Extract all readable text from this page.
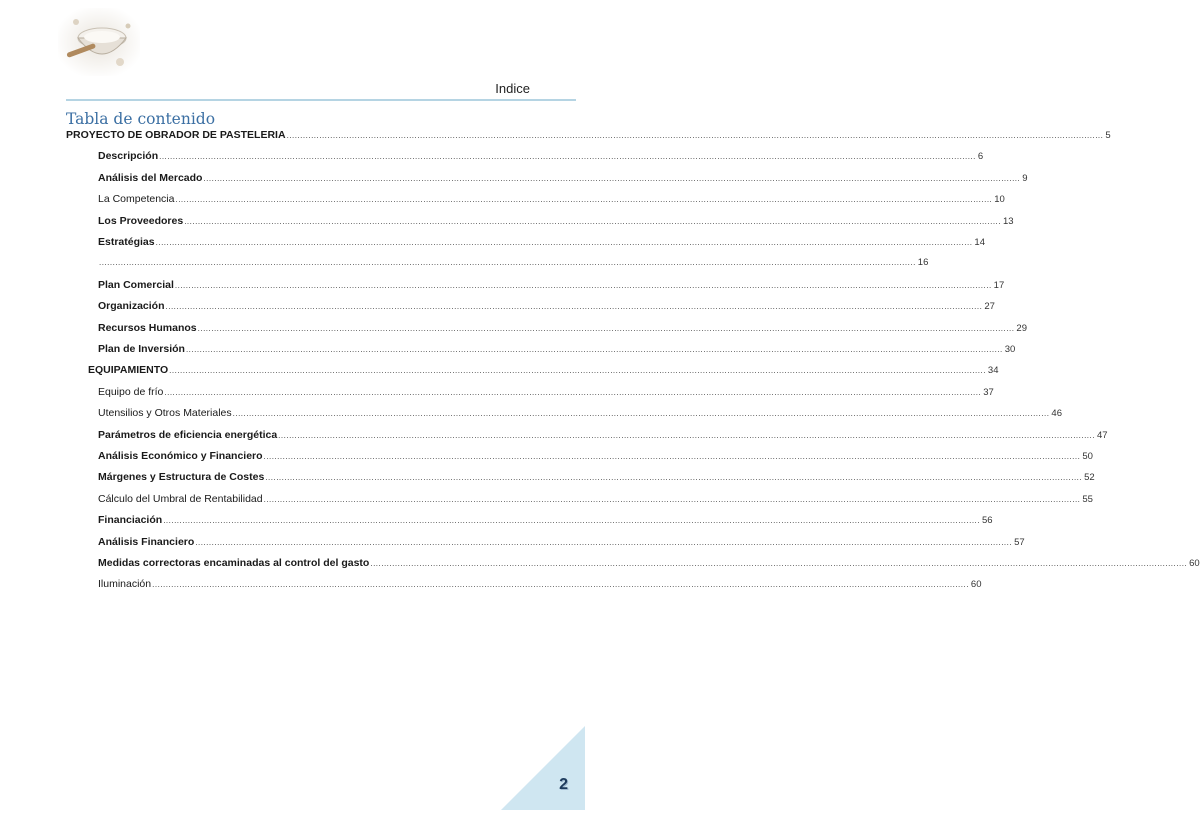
Indice
Tabla de contenido
PROYECTO DE OBRADOR DE PASTELERIA ............................................................................................................................................................................................................................................................................................................ 5
Descripción ............................................................................................................................................................................................................................................................................................................ 6
Análisis del Mercado ............................................................................................................................................................................................................................................................................................................ 9
La Competencia ............................................................................................................................................................................................................................................................................................................ 10
Los Proveedores ............................................................................................................................................................................................................................................................................................................ 13
Estratégias ............................................................................................................................................................................................................................................................................................................ 14
............................................................................................................................................................................................................................................................................................................ 16
Plan Comercial ............................................................................................................................................................................................................................................................................................................ 17
Organización ............................................................................................................................................................................................................................................................................................................ 27
Recursos Humanos ............................................................................................................................................................................................................................................................................................................ 29
Plan de Inversión ............................................................................................................................................................................................................................................................................................................ 30
EQUIPAMIENTO ............................................................................................................................................................................................................................................................................................................ 34
Equipo de frío ............................................................................................................................................................................................................................................................................................................ 37
Utensilios y Otros Materiales ............................................................................................................................................................................................................................................................................................................ 46
Parámetros de eficiencia energética ............................................................................................................................................................................................................................................................................................................ 47
Análisis Económico y Financiero ............................................................................................................................................................................................................................................................................................................ 50
Márgenes y Estructura de Costes ............................................................................................................................................................................................................................................................................................................ 52
Cálculo del Umbral de Rentabilidad ............................................................................................................................................................................................................................................................................................................ 55
Financiación ............................................................................................................................................................................................................................................................................................................ 56
Análisis Financiero ............................................................................................................................................................................................................................................................................................................ 57
Medidas correctoras encaminadas al control del gasto ............................................................................................................................................................................................................................................................................................................ 60
Iluminación ............................................................................................................................................................................................................................................................................................................ 60
2
